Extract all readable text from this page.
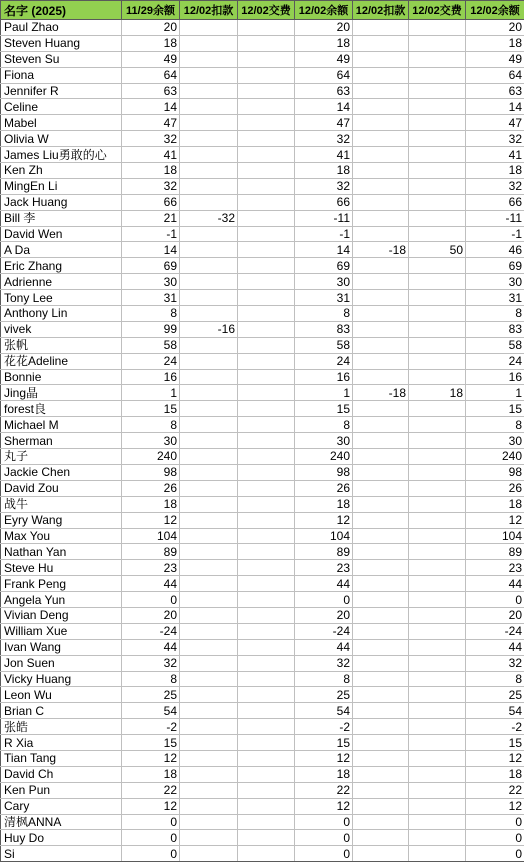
名字 (2025)	11/29余额	12/02扣款	12/02交费	12/02余额	12/02扣款	12/02交费	12/02余额
Paul Zhao	20			20			20
Steven Huang	18			18			18
Steven Su	49			49			49
Fiona	64			64			64
Jennifer R	63			63			63
Celine	14			14			14
Mabel	47			47			47
Olivia W	32			32			32
James Liu勇敢的心	41			41			41
Ken Zh	18			18			18
MingEn Li	32			32			32
Jack Huang	66			66			66
Bill 李	21	-32		-11			-11
David Wen	-1			-1			-1
A Da	14			14	-18	50	46
Eric Zhang	69			69			69
Adrienne	30			30			30
Tony Lee	31			31			31
Anthony Lin	8			8			8
vivek	99	-16		83			83
张帆	58			58			58
花花Adeline	24			24			24
Bonnie	16			16			16
Jing晶	1			1	-18	18	1
forest良	15			15			15
Michael M	8			8			8
Sherman	30			30			30
丸子	240			240			240
Jackie Chen	98			98			98
David Zou	26			26			26
战牛	18			18			18
Eyry Wang	12			12			12
Max You	104			104			104
Nathan Yan	89			89			89
Steve Hu	23			23			23
Frank Peng	44			44			44
Angela Yun	0			0			0
Vivian Deng	20			20			20
William Xue	-24			-24			-24
Ivan Wang	44			44			44
Jon Suen	32			32			32
Vicky Huang	8			8			8
Leon Wu	25			25			25
Brian C	54			54			54
张皓	-2			-2			-2
R Xia	15			15			15
Tian Tang	12			12			12
David Ch	18			18			18
Ken Pun	22			22			22
Cary	12			12			12
清枫ANNA	0			0			0
Huy Do	0			0			0
Si	0			0			0
